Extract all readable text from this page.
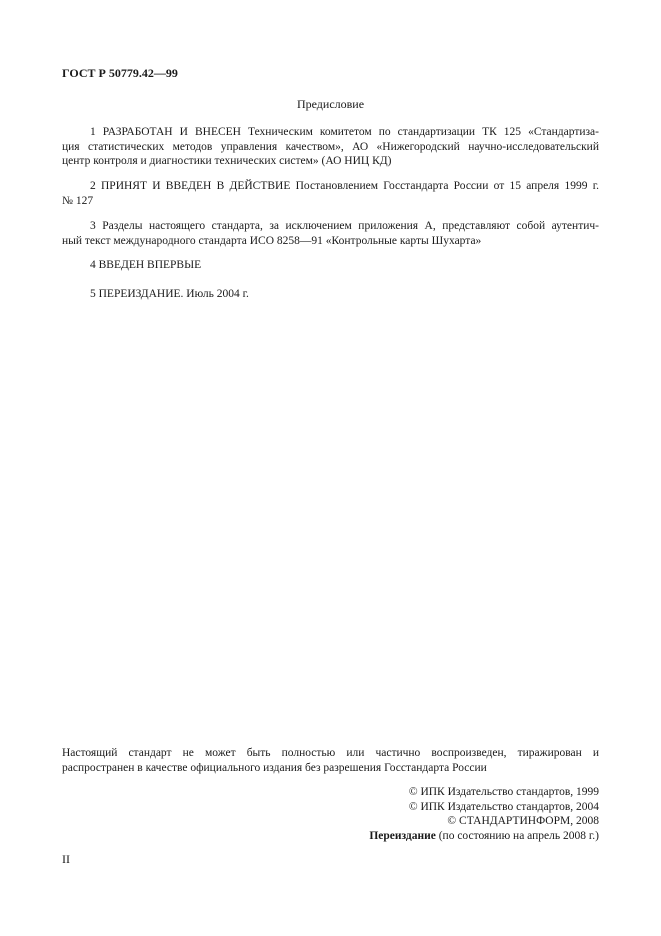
ГОСТ Р 50779.42—99
Предисловие
1 РАЗРАБОТАН И ВНЕСЕН Техническим комитетом по стандартизации ТК 125 «Стандартиза-
ция статистических методов управления качеством», АО «Нижегородский научно-исследовательский
центр контроля и диагностики технических систем» (АО НИЦ КД)
2 ПРИНЯТ И ВВЕДЕН В ДЕЙСТВИЕ Постановлением Госстандарта России от 15 апреля 1999 г.
№ 127
3 Разделы настоящего стандарта, за исключением приложения А, представляют собой аутентич-
ный текст международного стандарта ИСО 8258—91 «Контрольные карты Шухарта»
4 ВВЕДЕН ВПЕРВЫЕ
5 ПЕРЕИЗДАНИЕ. Июль 2004 г.
Настоящий стандарт не может быть полностью или частично воспроизведен, тиражирован и
распространен в качестве официального издания без разрешения Госстандарта России
© ИПК Издательство стандартов, 1999
© ИПК Издательство стандартов, 2004
© СТАНДАРТИНФОРМ, 2008
Переиздание (по состоянию на апрель 2008 г.)
II
